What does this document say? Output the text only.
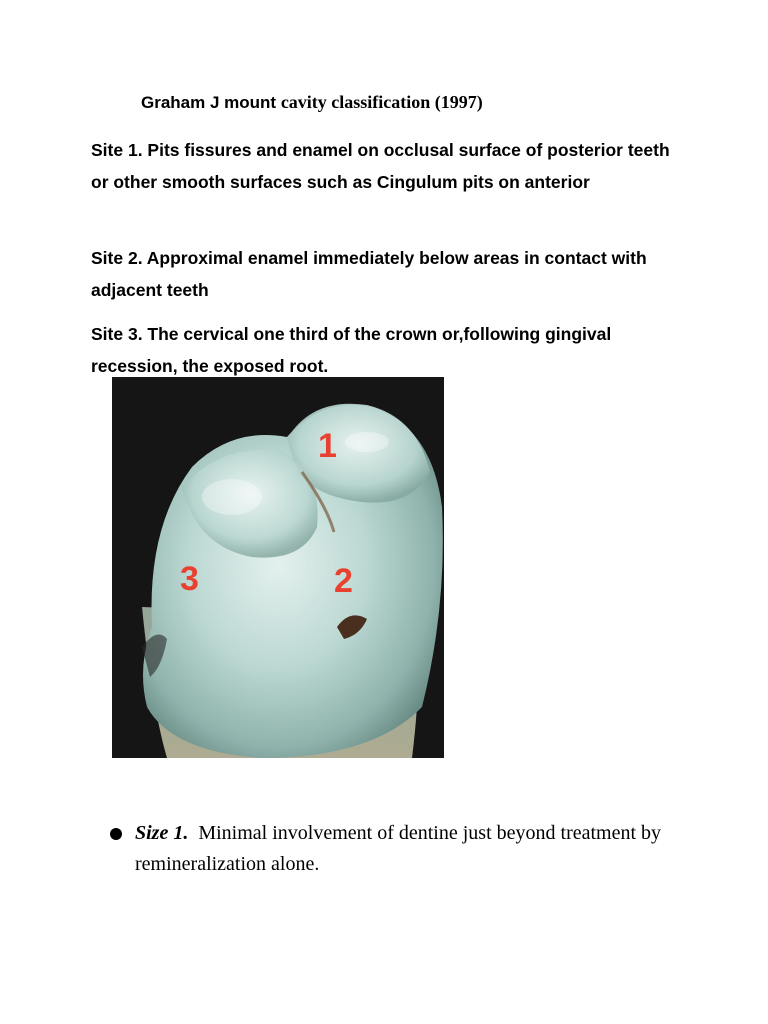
Graham J mount cavity classification (1997)

Site 1. Pits fissures and enamel on occlusal surface of posterior teeth or other smooth surfaces such as Cingulum pits on anterior

Site 2. Approximal enamel immediately below areas in contact with adjacent teeth

Site 3. The cervical one third of the crown or,following gingival recession, the exposed root.

1
2
3
Size 1. Minimal involvement of dentine just beyond treatment by remineralization alone.
